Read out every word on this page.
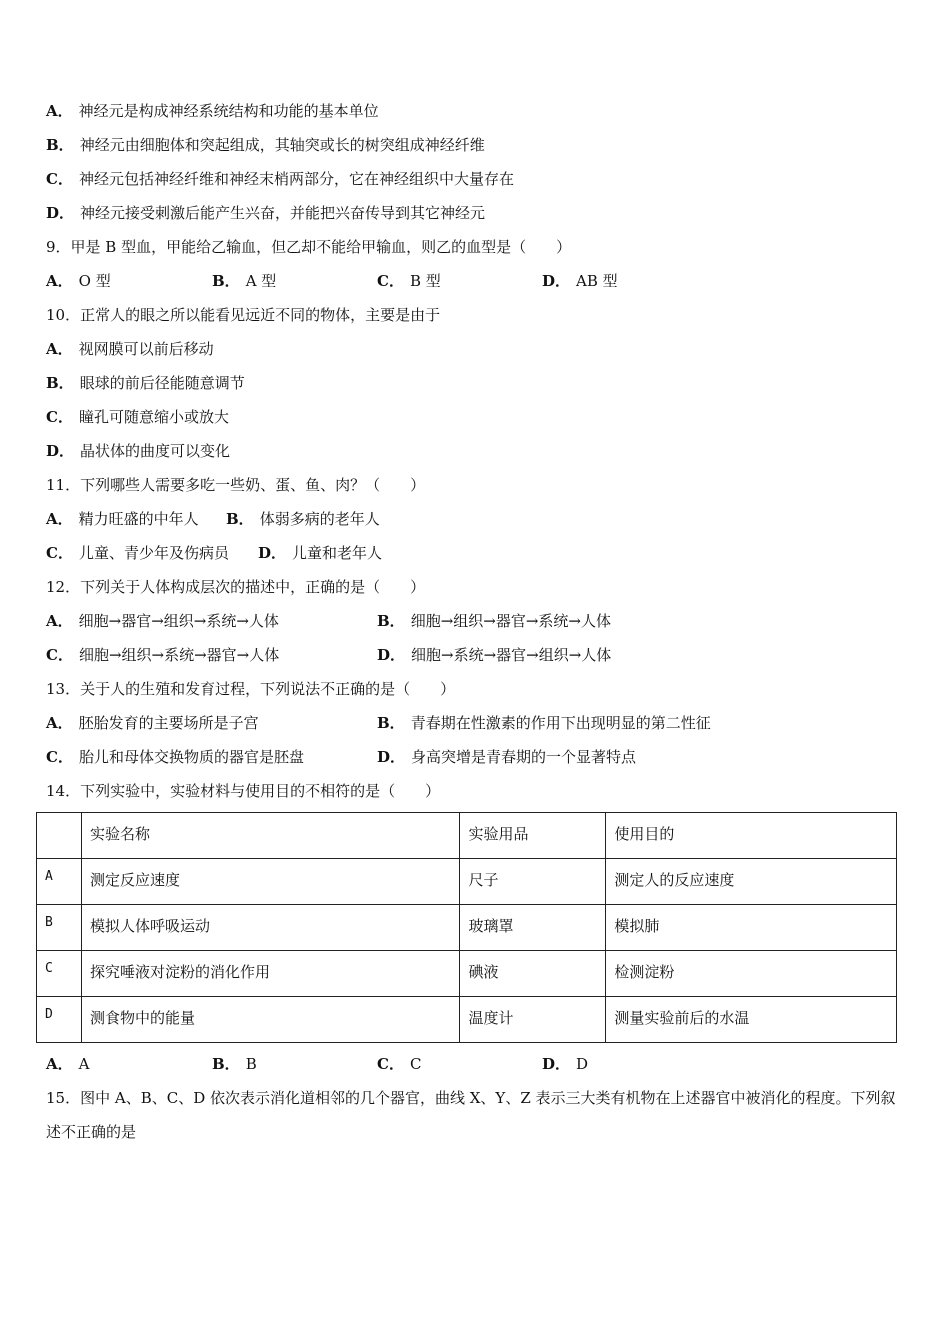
A． 神经元是构成神经系统结构和功能的基本单位
B． 神经元由细胞体和突起组成，其轴突或长的树突组成神经纤维
C． 神经元包括神经纤维和神经末梢两部分，它在神经组织中大量存在
D． 神经元接受刺激后能产生兴奋，并能把兴奋传导到其它神经元
9．甲是 B 型血，甲能给乙输血，但乙却不能给甲输血，则乙的血型是（　　）
A． O 型	B． A 型	C． B 型	D． AB 型
10．正常人的眼之所以能看见远近不同的物体，主要是由于
A． 视网膜可以前后移动
B． 眼球的前后径能随意调节
C． 瞳孔可随意缩小或放大
D． 晶状体的曲度可以变化
11．下列哪些人需要多吃一些奶、蛋、鱼、肉？（　　）
A． 精力旺盛的中年人 B． 体弱多病的老年人
C． 儿童、青少年及伤病员 D． 儿童和老年人
12．下列关于人体构成层次的描述中，正确的是（　　）
A． 细胞→器官→组织→系统→人体	B． 细胞→组织→器官→系统→人体
C． 细胞→组织→系统→器官→人体	D． 细胞→系统→器官→组织→人体
13．关于人的生殖和发育过程，下列说法不正确的是（　　）
A． 胚胎发育的主要场所是子宫	B． 青春期在性激素的作用下出现明显的第二性征
C． 胎儿和母体交换物质的器官是胚盘	D． 身高突增是青春期的一个显著特点
14．下列实验中，实验材料与使用目的不相符的是（　　）
	实验名称	实验用品	使用目的
A	测定反应速度	尺子	测定人的反应速度
B	模拟人体呼吸运动	玻璃罩	模拟肺
C	探究唾液对淀粉的消化作用	碘液	检测淀粉
D	测食物中的能量	温度计	测量实验前后的水温
A． A	B． B	C． C	D． D
15．图中 A、B、C、D 依次表示消化道相邻的几个器官，曲线 X、Y、Z 表示三大类有机物在上述器官中被消化的程度。下列叙述不正确的是
